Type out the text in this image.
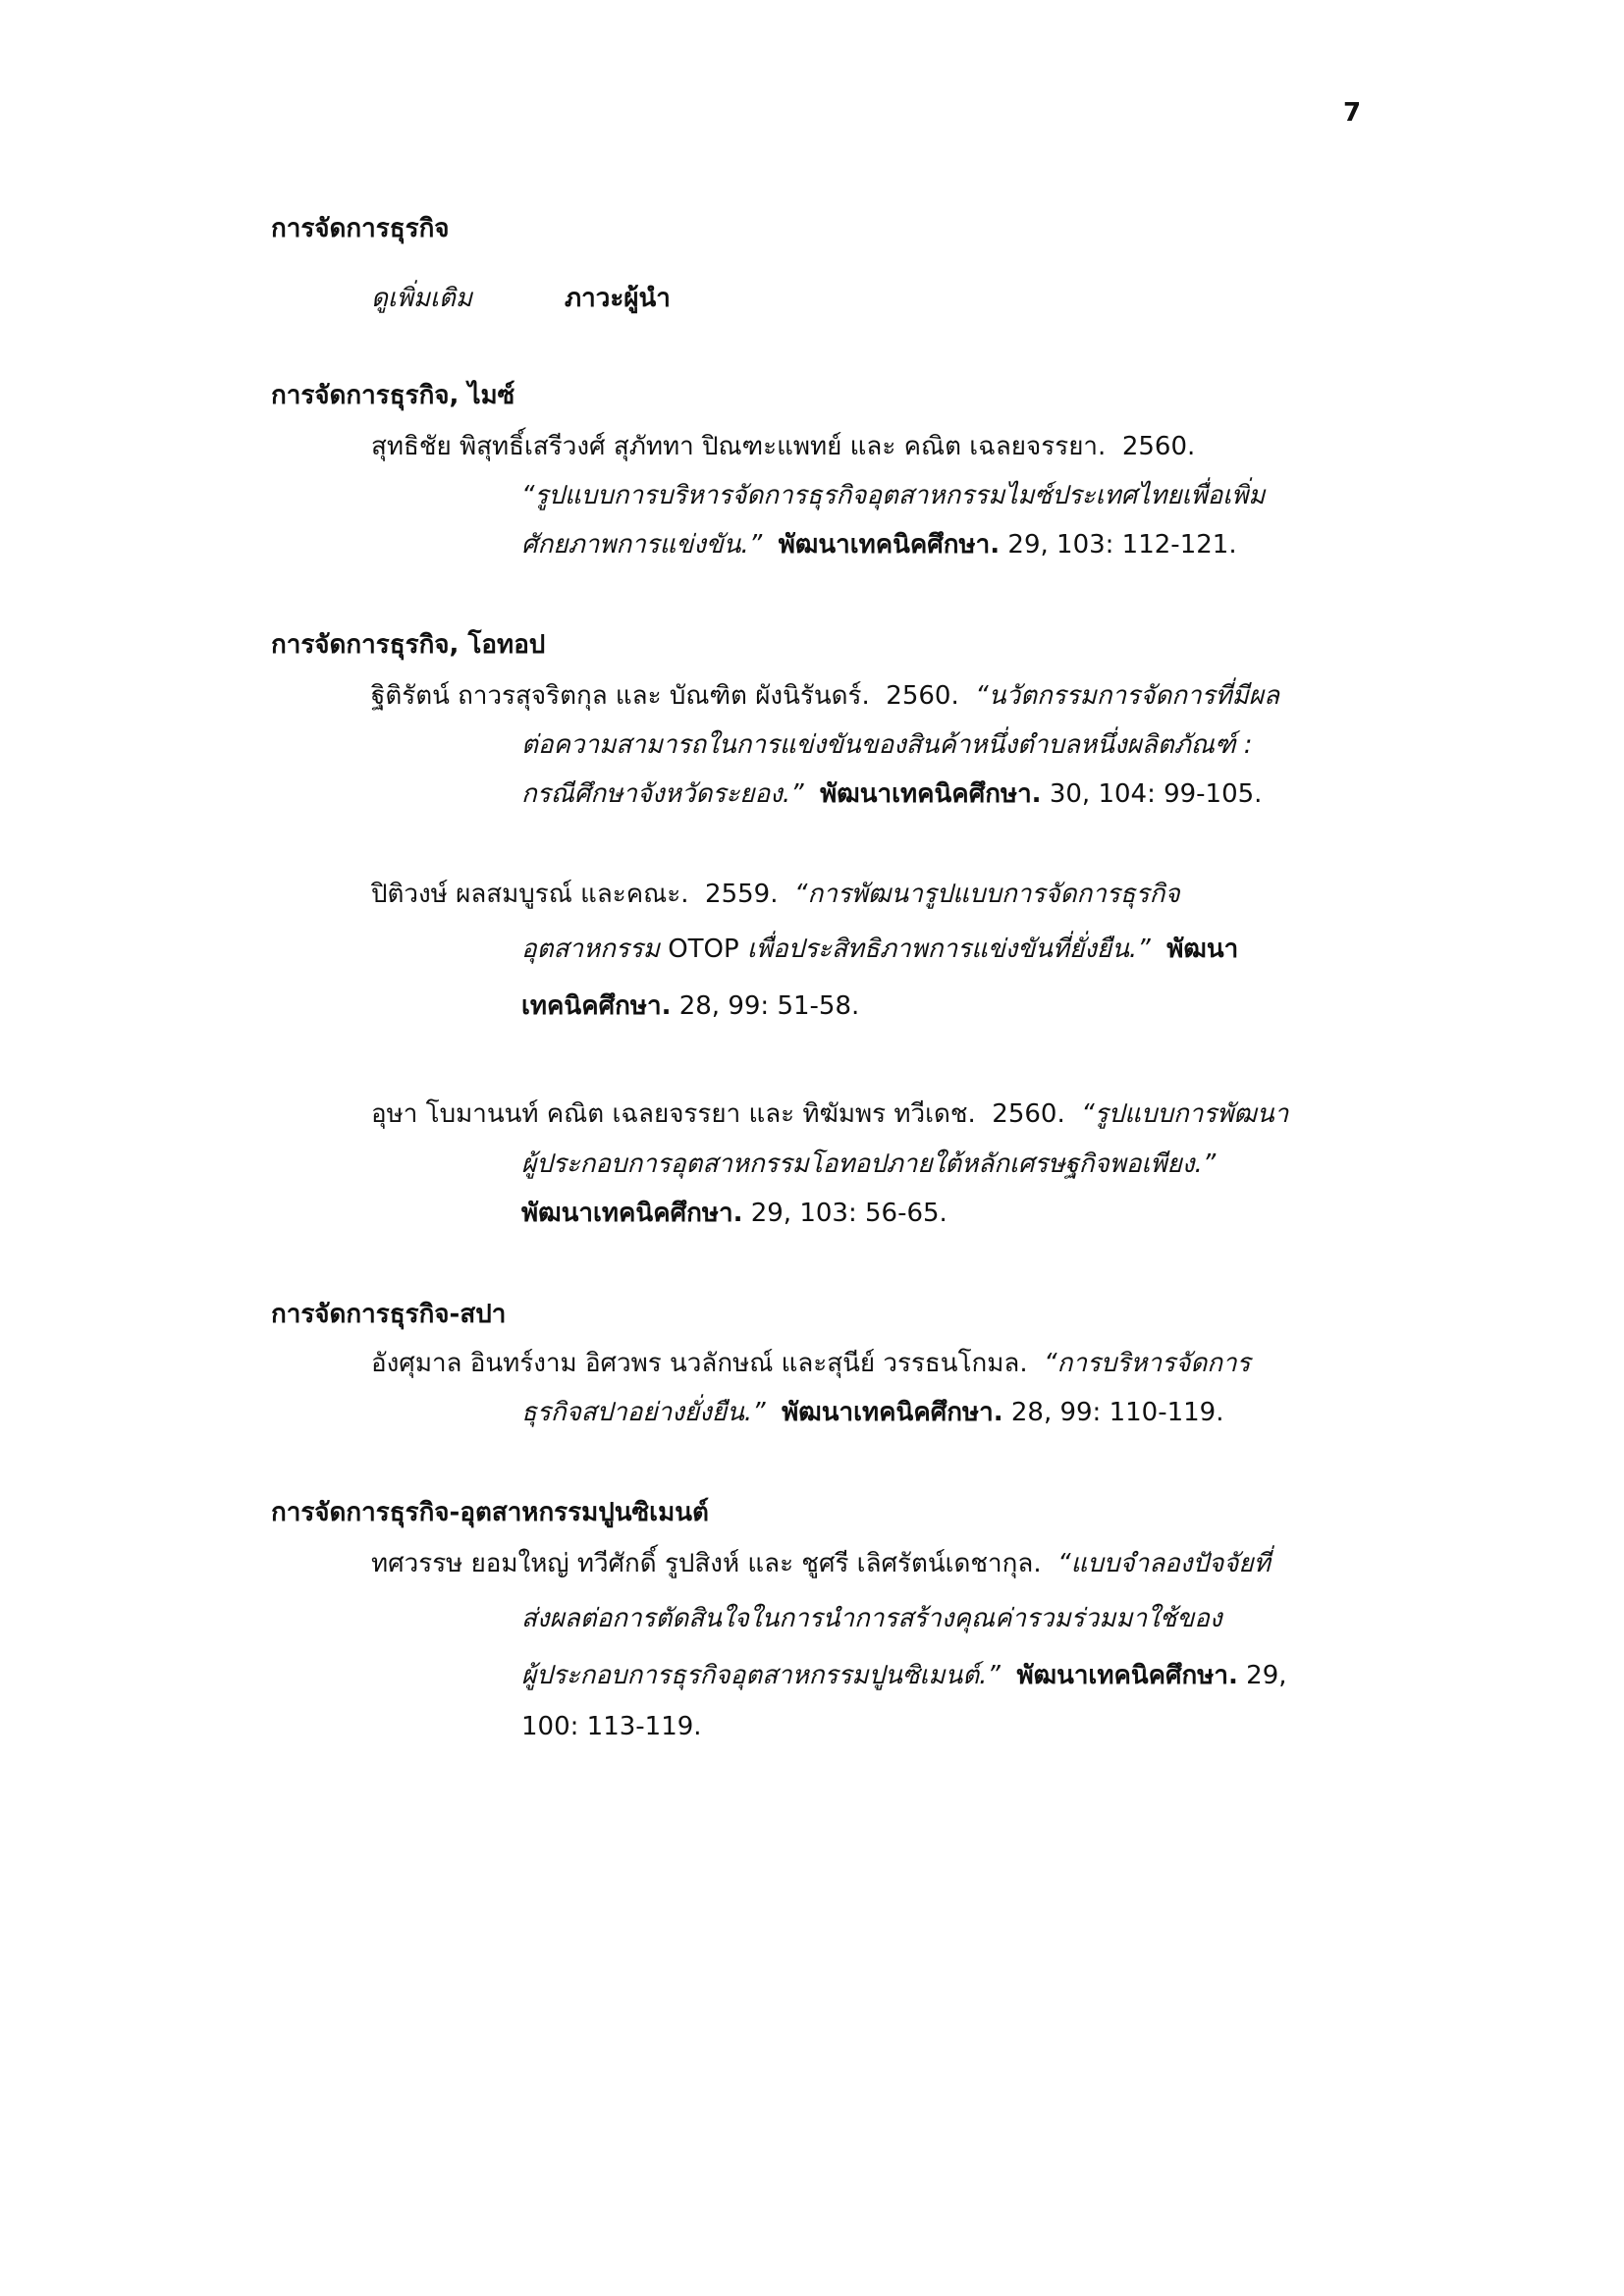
7
การจัดการธุรกิจ
ดูเพิ่มเติม	ภาวะผู้นำ
การจัดการธุรกิจ, ไมซ์
สุทธิชัย พิสุทธิ์เสรีวงศ์ สุภัททา ปิณฑะแพทย์ และ คณิต เฉลยจรรยา.  2560.
“รูปแบบการบริหารจัดการธุรกิจอุตสาหกรรมไมซ์ประเทศไทยเพื่อเพิ่ม
ศักยภาพการแข่งขัน.” พัฒนาเทคนิคศึกษา. 29, 103: 112-121.
การจัดการธุรกิจ, โอทอป
ฐิติรัตน์ ถาวรสุจริตกุล และ บัณฑิต ผังนิรันดร์.  2560.  “นวัตกรรมการจัดการที่มีผล
ต่อความสามารถในการแข่งขันของสินค้าหนึ่งตำบลหนึ่งผลิตภัณฑ์ :
กรณีศึกษาจังหวัดระยอง.” พัฒนาเทคนิคศึกษา. 30, 104: 99-105.
ปิติวงษ์ ผลสมบูรณ์ และคณะ.  2559.  “การพัฒนารูปแบบการจัดการธุรกิจ
อุตสาหกรรม OTOP เพื่อประสิทธิภาพการแข่งขันที่ยั่งยืน.” พัฒนา
เทคนิคศึกษา. 28, 99: 51-58.
อุษา โบมานนท์ คณิต เฉลยจรรยา และ ทิฆัมพร ทวีเดช.  2560.  “รูปแบบการพัฒนา
ผู้ประกอบการอุตสาหกรรมโอทอปภายใต้หลักเศรษฐกิจพอเพียง.”
พัฒนาเทคนิคศึกษา. 29, 103: 56-65.
การจัดการธุรกิจ-สปา
อังศุมาล อินทร์งาม อิศวพร นวลักษณ์ และสุนีย์ วรรธนโกมล.  “การบริหารจัดการ
ธุรกิจสปาอย่างยั่งยืน.” พัฒนาเทคนิคศึกษา. 28, 99: 110-119.
การจัดการธุรกิจ-อุตสาหกรรมปูนซิเมนต์
ทศวรรษ ยอมใหญ่ ทวีศักดิ์ รูปสิงห์ และ ชูศรี เลิศรัตน์เดชากุล.  “แบบจำลองปัจจัยที่
ส่งผลต่อการตัดสินใจในการนำการสร้างคุณค่ารวมร่วมมาใช้ของ
ผู้ประกอบการธุรกิจอุตสาหกรรมปูนซิเมนต์.” พัฒนาเทคนิคศึกษา. 29,
100: 113-119.
